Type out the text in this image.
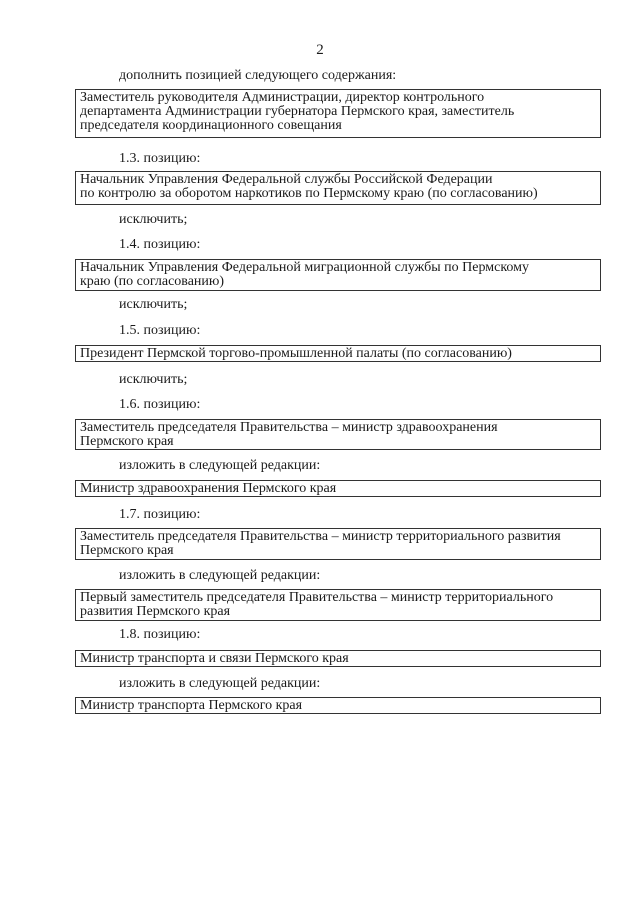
2
дополнить позицией следующего содержания:
Заместитель руководителя Администрации, директор контрольного
департамента Администрации губернатора Пермского края, заместитель
председателя координационного совещания
1.3. позицию:
Начальник Управления Федеральной службы Российской Федерации
по контролю за оборотом наркотиков по Пермскому краю (по согласованию)
исключить;
1.4. позицию:
Начальник Управления Федеральной миграционной службы по Пермскому
краю (по согласованию)
исключить;
1.5. позицию:
Президент Пермской торгово-промышленной палаты (по согласованию)
исключить;
1.6. позицию:
Заместитель председателя Правительства – министр здравоохранения
Пермского края
изложить в следующей редакции:
Министр здравоохранения Пермского края
1.7. позицию:
Заместитель председателя Правительства – министр территориального развития
Пермского края
изложить в следующей редакции:
Первый заместитель председателя Правительства – министр территориального
развития Пермского края
1.8. позицию:
Министр транспорта и связи Пермского края
изложить в следующей редакции:
Министр транспорта Пермского края
